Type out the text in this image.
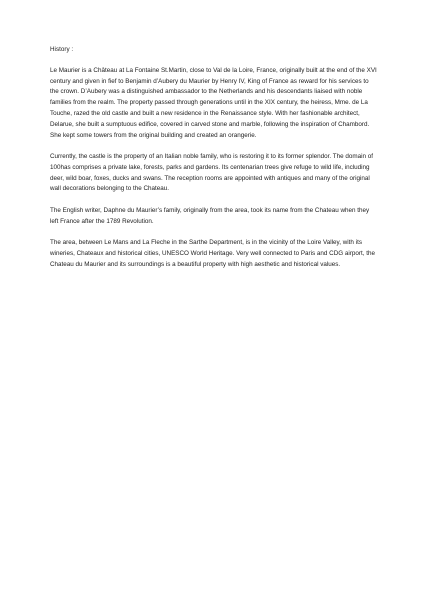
History :

Le Maurier is a Château at La Fontaine St.Martin, close to Val de la Loire, France, originally built at the end of the XVI century and given in fief to Benjamin d’Aubery du Maurier by Henry IV, King of France as reward for his services to the crown. D’Aubery was a distinguished ambassador to the Netherlands and his descendants liaised with noble families from the realm. The property passed through generations until in the XIX century, the heiress, Mme. de La Touche, razed the old castle and built a new residence in the Renaissance style. With her fashionable architect, Delarue, she built a sumptuous edifice, covered in carved stone and marble, following the inspiration of Chambord. She kept some towers from the original building and created an orangerie.

Currently, the castle is the property of an Italian noble family, who is restoring it to its former splendor. The domain of 100has comprises a private lake, forests, parks and gardens. Its centenarian trees give refuge to wild life, including deer, wild boar, foxes, ducks and swans. The reception rooms are appointed with antiques and many of the original wall decorations belonging to the Chateau.

The English writer, Daphne du Maurier’s family, originally from the area, took its name from the Chateau when they left France after the 1789 Revolution.

The area, between Le Mans and La Fleche in the Sarthe Department, is in the vicinity of the Loire Valley, with its wineries, Chateaux and historical cities, UNESCO World Heritage. Very well connected to Paris and CDG airport, the Chateau du Maurier and its surroundings is a beautiful property with high aesthetic and historical values.
